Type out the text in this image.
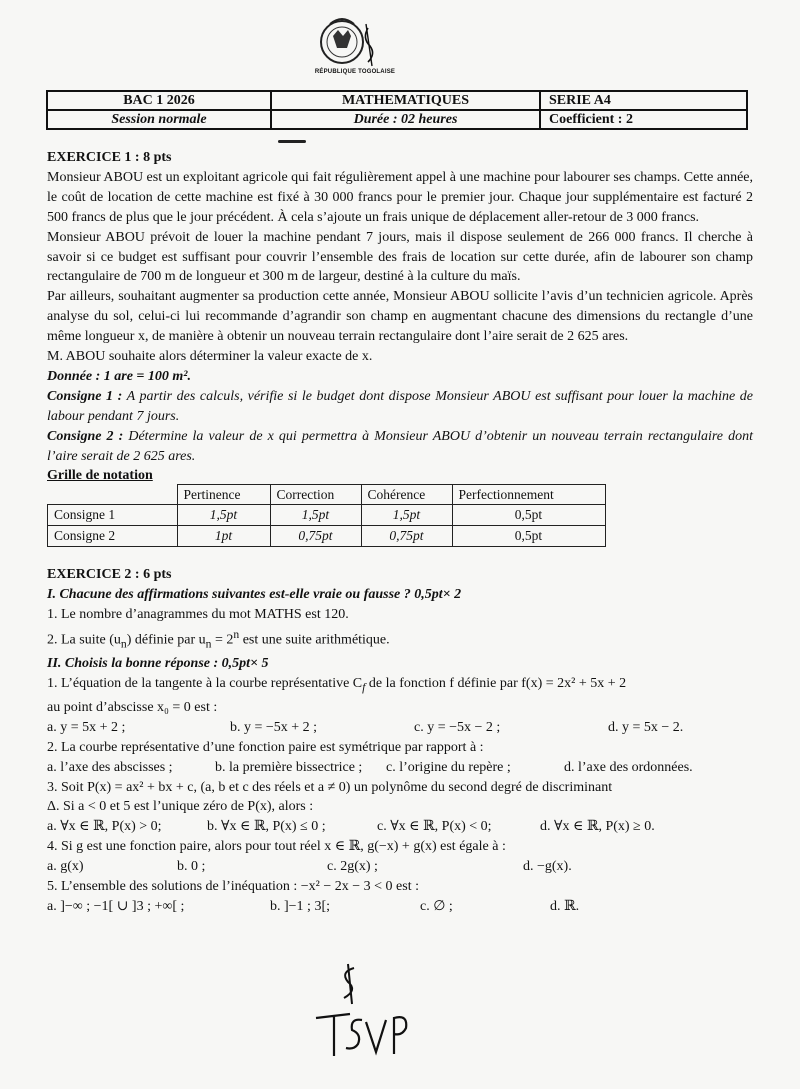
RÉPUBLIQUE TOGOLAISE
BAC 1 2026	MATHEMATIQUES	SERIE A4
Session normale	Durée : 02 heures	Coefficient : 2

EXERCICE 1 : 8 pts

Monsieur ABOU est un exploitant agricole qui fait régulièrement appel à une machine pour labourer ses champs. Cette année, le coût de location de cette machine est fixé à 30 000 francs pour le premier jour. Chaque jour supplémentaire est facturé 2 500 francs de plus que le jour précédent. À cela s’ajoute un frais unique de déplacement aller-retour de 3 000 francs.

Monsieur ABOU prévoit de louer la machine pendant 7 jours, mais il dispose seulement de 266 000 francs. Il cherche à savoir si ce budget est suffisant pour couvrir l’ensemble des frais de location sur cette durée, afin de labourer son champ rectangulaire de 700 m de longueur et 300 m de largeur, destiné à la culture du maïs.

Par ailleurs, souhaitant augmenter sa production cette année, Monsieur ABOU sollicite l’avis d’un technicien agricole. Après analyse du sol, celui-ci lui recommande d’agrandir son champ en augmentant chacune des dimensions du rectangle d’une même longueur x, de manière à obtenir un nouveau terrain rectangulaire dont l’aire serait de 2 625 ares.

M. ABOU souhaite alors déterminer la valeur exacte de x.

Donnée : 1 are = 100 m².

Consigne 1 : A partir des calculs, vérifie si le budget dont dispose Monsieur ABOU est suffisant pour louer la machine de labour pendant 7 jours.

Consigne 2 : Détermine la valeur de x qui permettra à Monsieur ABOU d’obtenir un nouveau terrain rectangulaire dont l’aire serait de 2 625 ares.

Grille de notation

	Pertinence	Correction	Cohérence	Perfectionnement
Consigne 1	1,5pt	1,5pt	1,5pt	0,5pt
Consigne 2	1pt	0,75pt	0,75pt	0,5pt

EXERCICE 2 : 6 pts

I. Chacune des affirmations suivantes est-elle vraie ou fausse ? 0,5pt× 2

1. Le nombre d’anagrammes du mot MATHS est 120.

2. La suite $(u_n)$ définie par $u_n = 2^n$ est une suite arithmétique.

II. Choisis la bonne réponse : 0,5pt× 5

1. L’équation de la tangente à la courbe représentative $C_f$ de la fonction f définie par f(x) = 2x² + 5x + 2

au point d’abscisse x₀ = 0 est :

a. y = 5x + 2 ;	b. y = −5x + 2 ;	c. y = −5x − 2 ;	d. y = 5x − 2.

2. La courbe représentative d’une fonction paire est symétrique par rapport à :

a. l’axe des abscisses ;	b. la première bissectrice ;	c. l’origine du repère ;	d. l’axe des ordonnées.

3. Soit P(x) = ax² + bx + c, (a, b et c des réels et a ≠ 0) un polynôme du second degré de discriminant

Δ. Si a < 0 et 5 est l’unique zéro de P(x), alors :

a. ∀x ∈ ℝ, P(x) > 0;	b. ∀x ∈ ℝ, P(x) ≤ 0 ;	c. ∀x ∈ ℝ, P(x) < 0;	d. ∀x ∈ ℝ, P(x) ≥ 0.

4. Si g est une fonction paire, alors pour tout réel x ∈ ℝ, g(−x) + g(x) est égale à :

a. g(x)	b. 0 ;	c. 2g(x) ;	d. −g(x).

5. L’ensemble des solutions de l’inéquation : −x² − 2x − 3 < 0 est :

a. ]−∞ ; −1[ ∪ ]3 ; +∞[ ;	b. ]−1 ; 3[;	c. ∅ ;	d. ℝ.
